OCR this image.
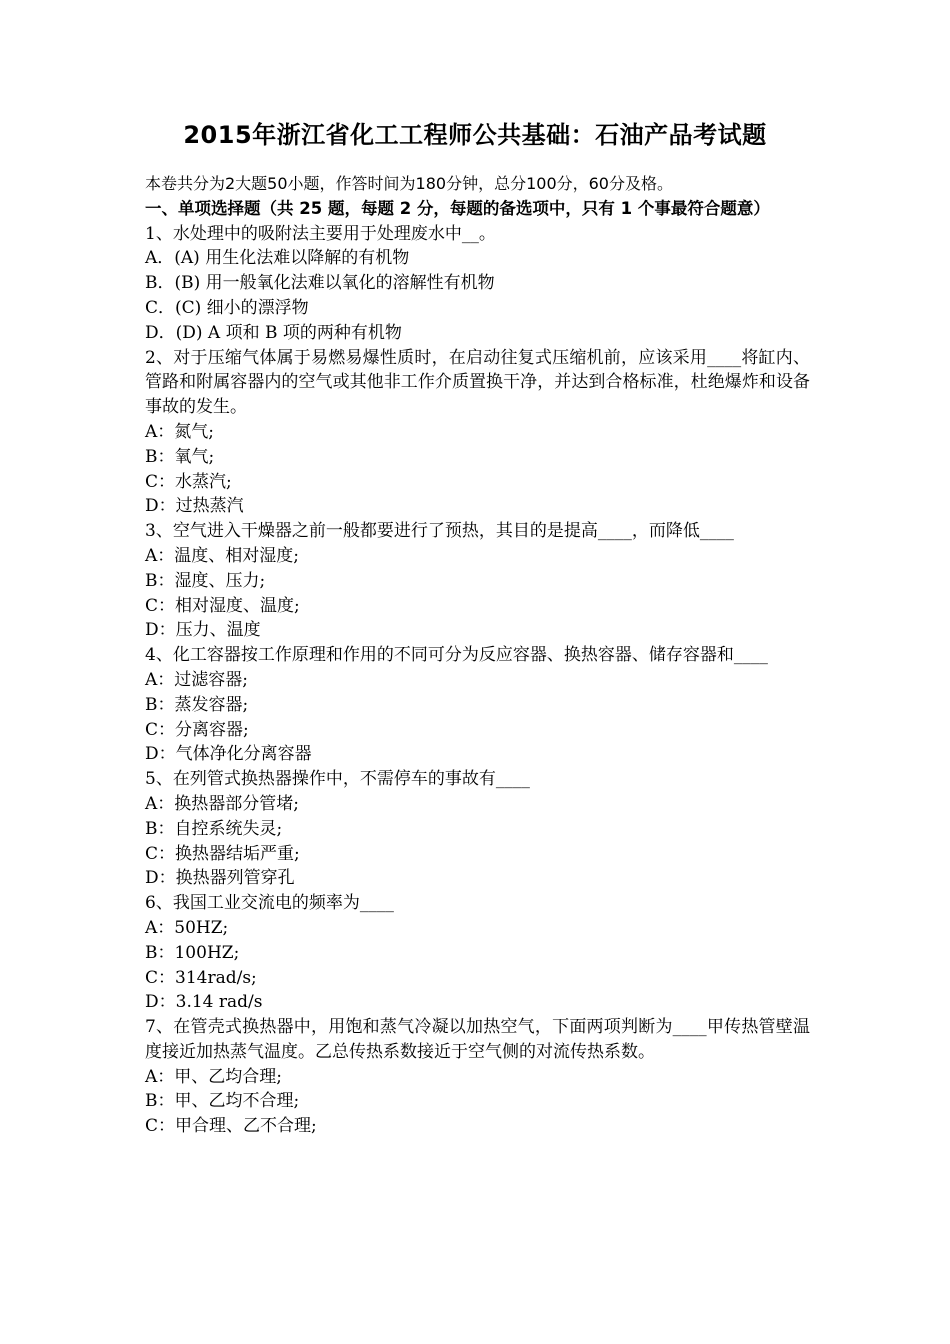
2015年浙江省化工工程师公共基础：石油产品考试题
本卷共分为2大题50小题，作答时间为180分钟，总分100分，60分及格。
一、单项选择题（共 25 题，每题 2 分，每题的备选项中，只有 1 个事最符合题意）
1、水处理中的吸附法主要用于处理废水中__。
A．(A) 用生化法难以降解的有机物
B．(B) 用一般氧化法难以氧化的溶解性有机物
C．(C) 细小的漂浮物
D．(D) A 项和 B 项的两种有机物
2、对于压缩气体属于易燃易爆性质时，在启动往复式压缩机前，应该采用____将缸内、管路和附属容器内的空气或其他非工作介质置换干净，并达到合格标准，杜绝爆炸和设备事故的发生。
A：氮气;
B：氧气;
C：水蒸汽;
D：过热蒸汽
3、空气进入干燥器之前一般都要进行了预热，其目的是提高____，而降低____
A：温度、相对湿度;
B：湿度、压力;
C：相对湿度、温度;
D：压力、温度
4、化工容器按工作原理和作用的不同可分为反应容器、换热容器、储存容器和____
A：过滤容器;
B：蒸发容器;
C：分离容器;
D：气体净化分离容器
5、在列管式换热器操作中，不需停车的事故有____
A：换热器部分管堵;
B：自控系统失灵;
C：换热器结垢严重;
D：换热器列管穿孔
6、我国工业交流电的频率为____
A：50HZ;
B：100HZ;
C：314rad/s;
D：3.14 rad/s
7、在管壳式换热器中，用饱和蒸气冷凝以加热空气，下面两项判断为____甲传热管壁温度接近加热蒸气温度。乙总传热系数接近于空气侧的对流传热系数。
A：甲、乙均合理;
B：甲、乙均不合理;
C：甲合理、乙不合理;
